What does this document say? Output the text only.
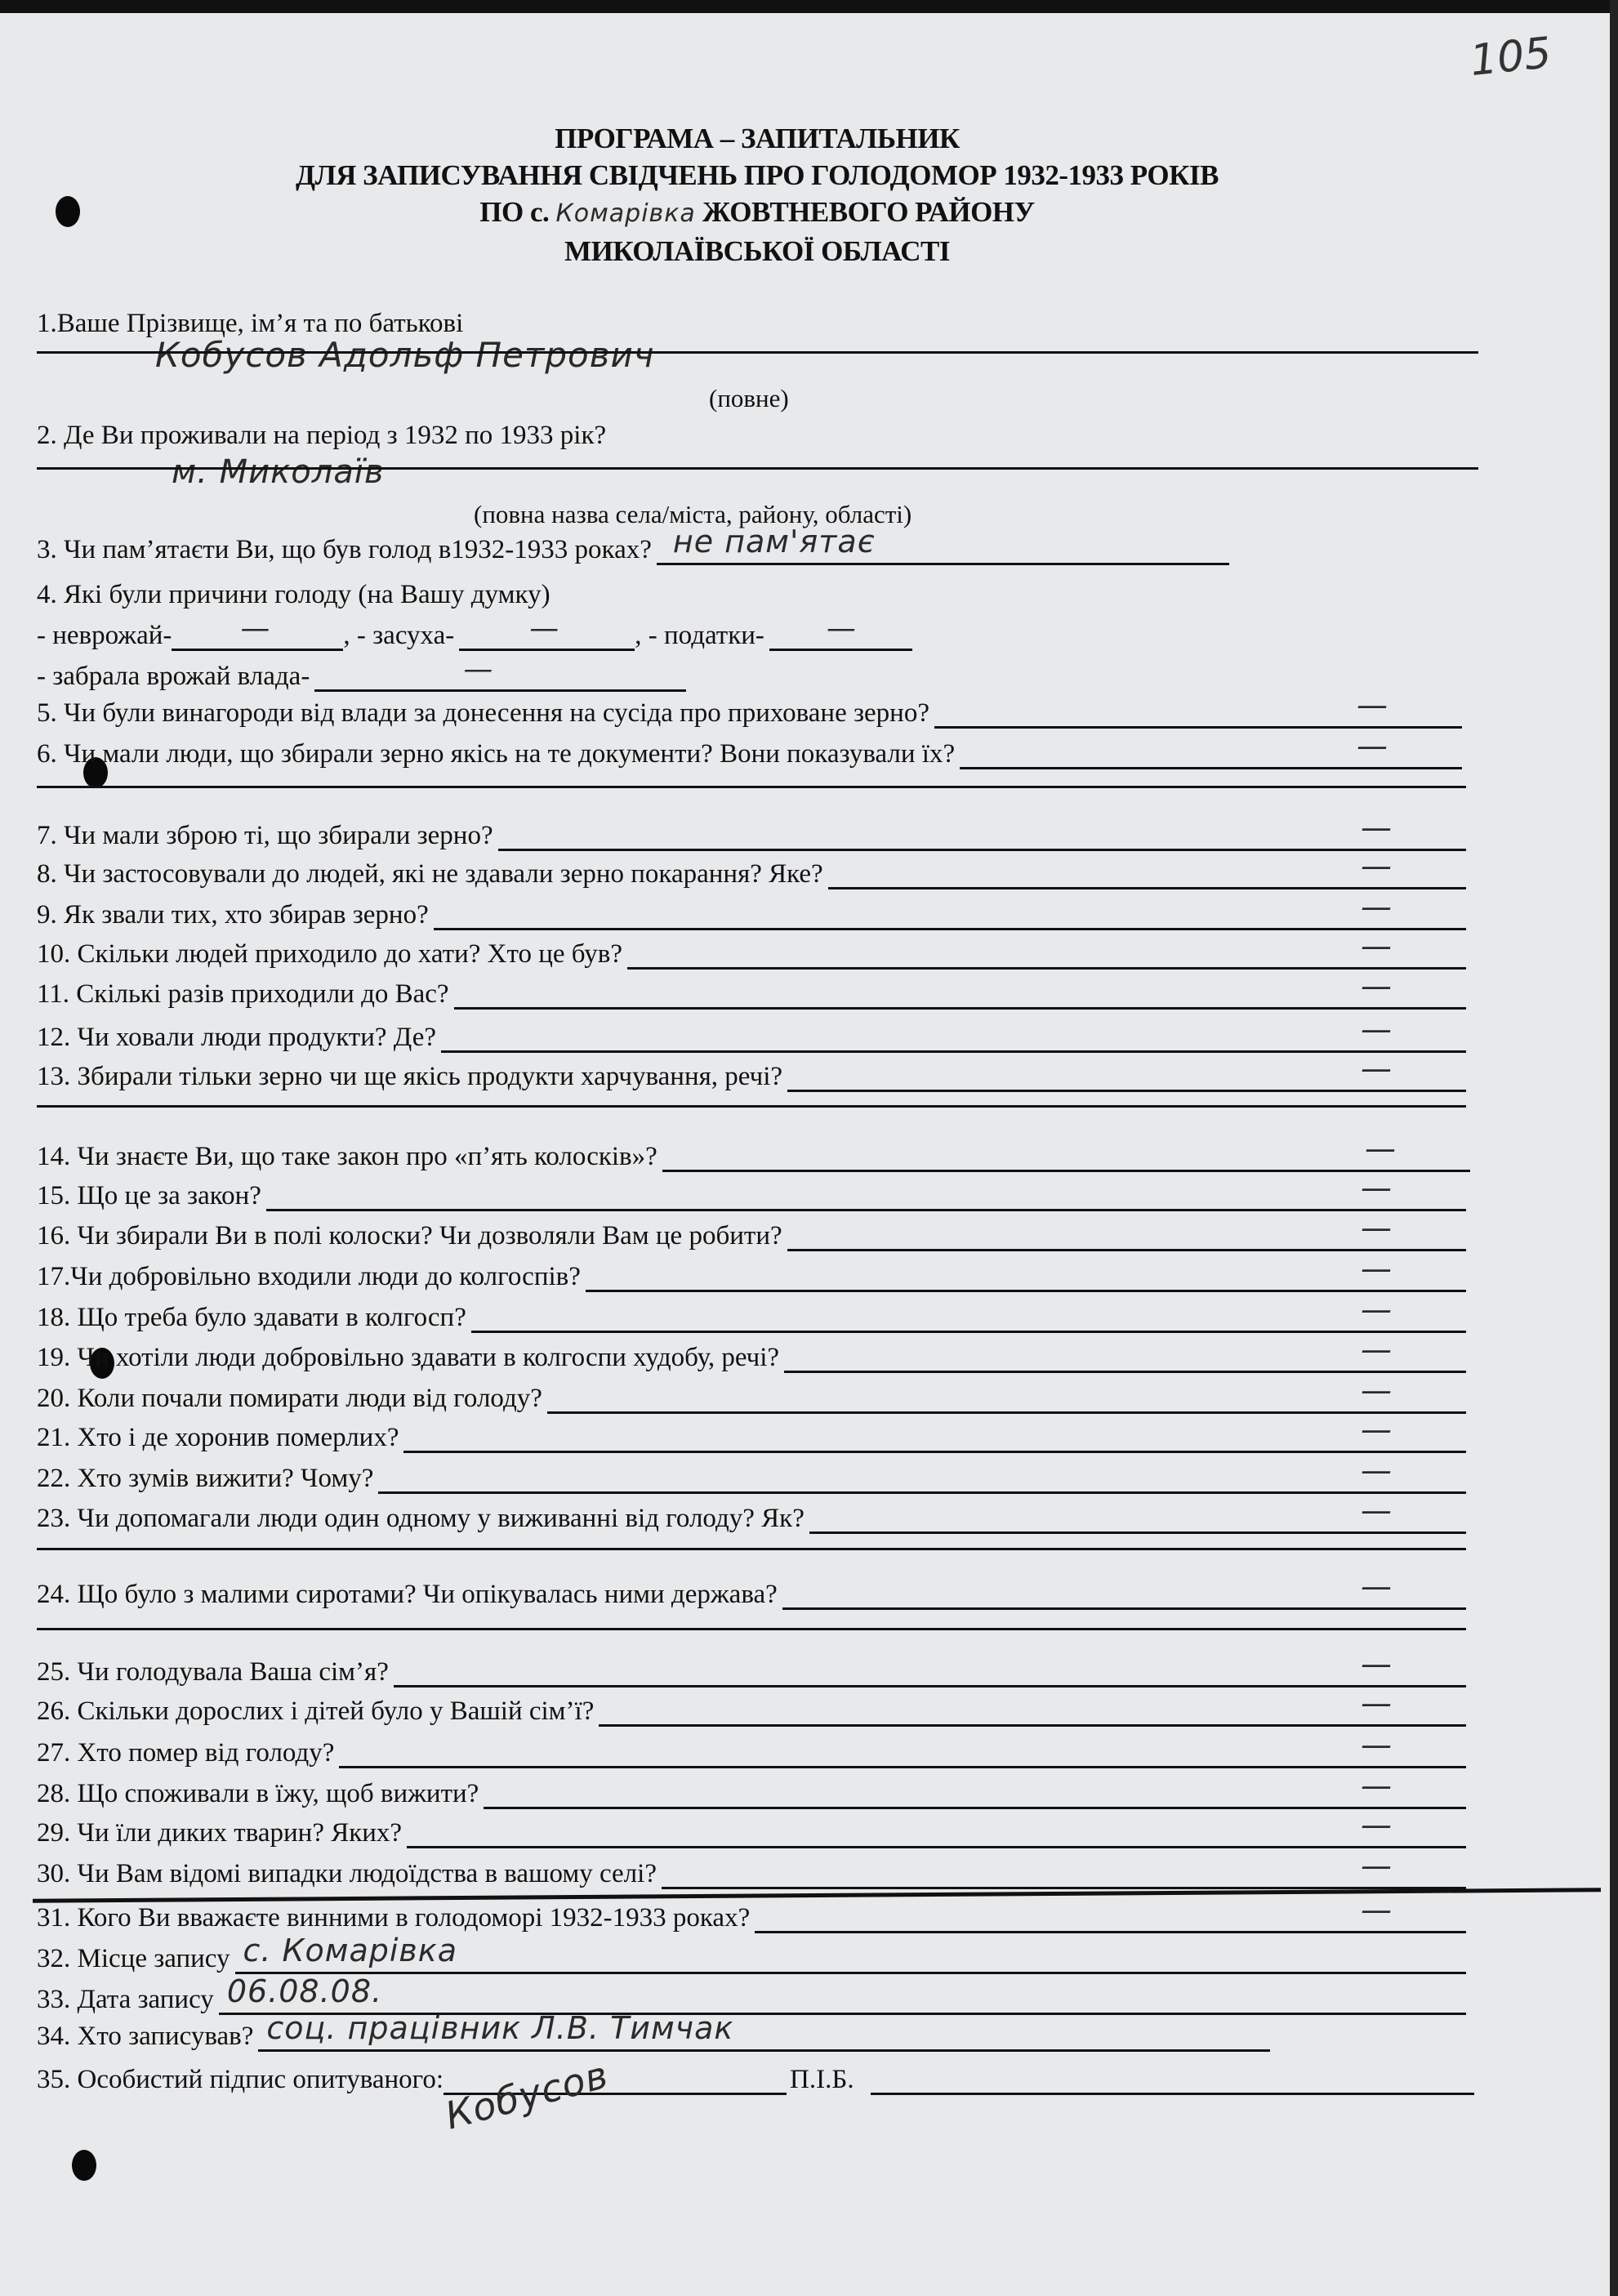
105
ПРОГРАМА – ЗАПИТАЛЬНИК
ДЛЯ ЗАПИСУВАННЯ СВІДЧЕНЬ ПРО ГОЛОДОМОР 1932-1933 РОКІВ
ПО с. Комарівка ЖОВТНЕВОГО РАЙОНУ
МИКОЛАЇВСЬКОЇ ОБЛАСТІ
1.Ваше Прізвище, ім’я та по батькові
Кобусов Адольф Петрович
(повне)
2. Де Ви проживали на період з 1932 по 1933 рік?
м. Миколаїв
(повна назва села/міста, району, області)
3. Чи пам’ятаєти Ви, що був голод в1932-1933 роках? не пам'ятає
4. Які були причини голоду (на Вашу думку)
- неврожай- —	, - засуха-	—	, - податки- —
- забрала врожай влада-	—
5. Чи були винагороди від влади за донесення на сусіда про приховане зерно?	—
6. Чи мали люди, що збирали зерно якісь на те документи? Вони показували їх?	—
7. Чи мали зброю ті, що збирали зерно?	—
8. Чи застосовували до людей, які не здавали зерно покарання? Яке?	—
9. Як звали тих, хто збирав зерно?	—
10. Скільки людей приходило до хати? Хто це був?	—
11. Скількі разів приходили до Вас?	—
12. Чи ховали люди продукти? Де?	—
13. Збирали тільки зерно чи ще якісь продукти харчування, речі?	—
14. Чи знаєте Ви, що таке закон про «п’ять колосків»?	—
15. Що це за закон?	—
16. Чи збирали Ви в полі колоски? Чи дозволяли Вам це робити?	—
17.Чи добровільно входили люди до колгоспів?	—
18. Що треба було здавати в колгосп?	—
19. Чи хотіли люди добровільно здавати в колгоспи худобу, речі?	—
20. Коли почали помирати люди від голоду?	—
21. Хто і де хоронив померлих?	—
22. Хто зумів вижити? Чому?	—
23. Чи допомагали люди один одному у виживанні від голоду? Як?	—
24. Що було з малими сиротами? Чи опікувалась ними держава?	—
25. Чи голодувала Ваша сім’я?	—
26. Скільки дорослих і дітей було у Вашій сім’ї?	—
27. Хто помер від голоду?	—
28. Що споживали в їжу, щоб вижити?	—
29. Чи їли диких тварин? Яких?	—
30. Чи Вам відомі випадки людоїдства в вашому селі?	—
31. Кого Ви вважаєте винними в голодоморі 1932-1933 роках?	—
32. Місце запису с. Комарівка
33. Дата запису 06.08.08.
34. Хто записував? соц. працівник Л.В. Тимчак
35. Особистий підпис опитуваного:
Кобусов	П.І.Б.
